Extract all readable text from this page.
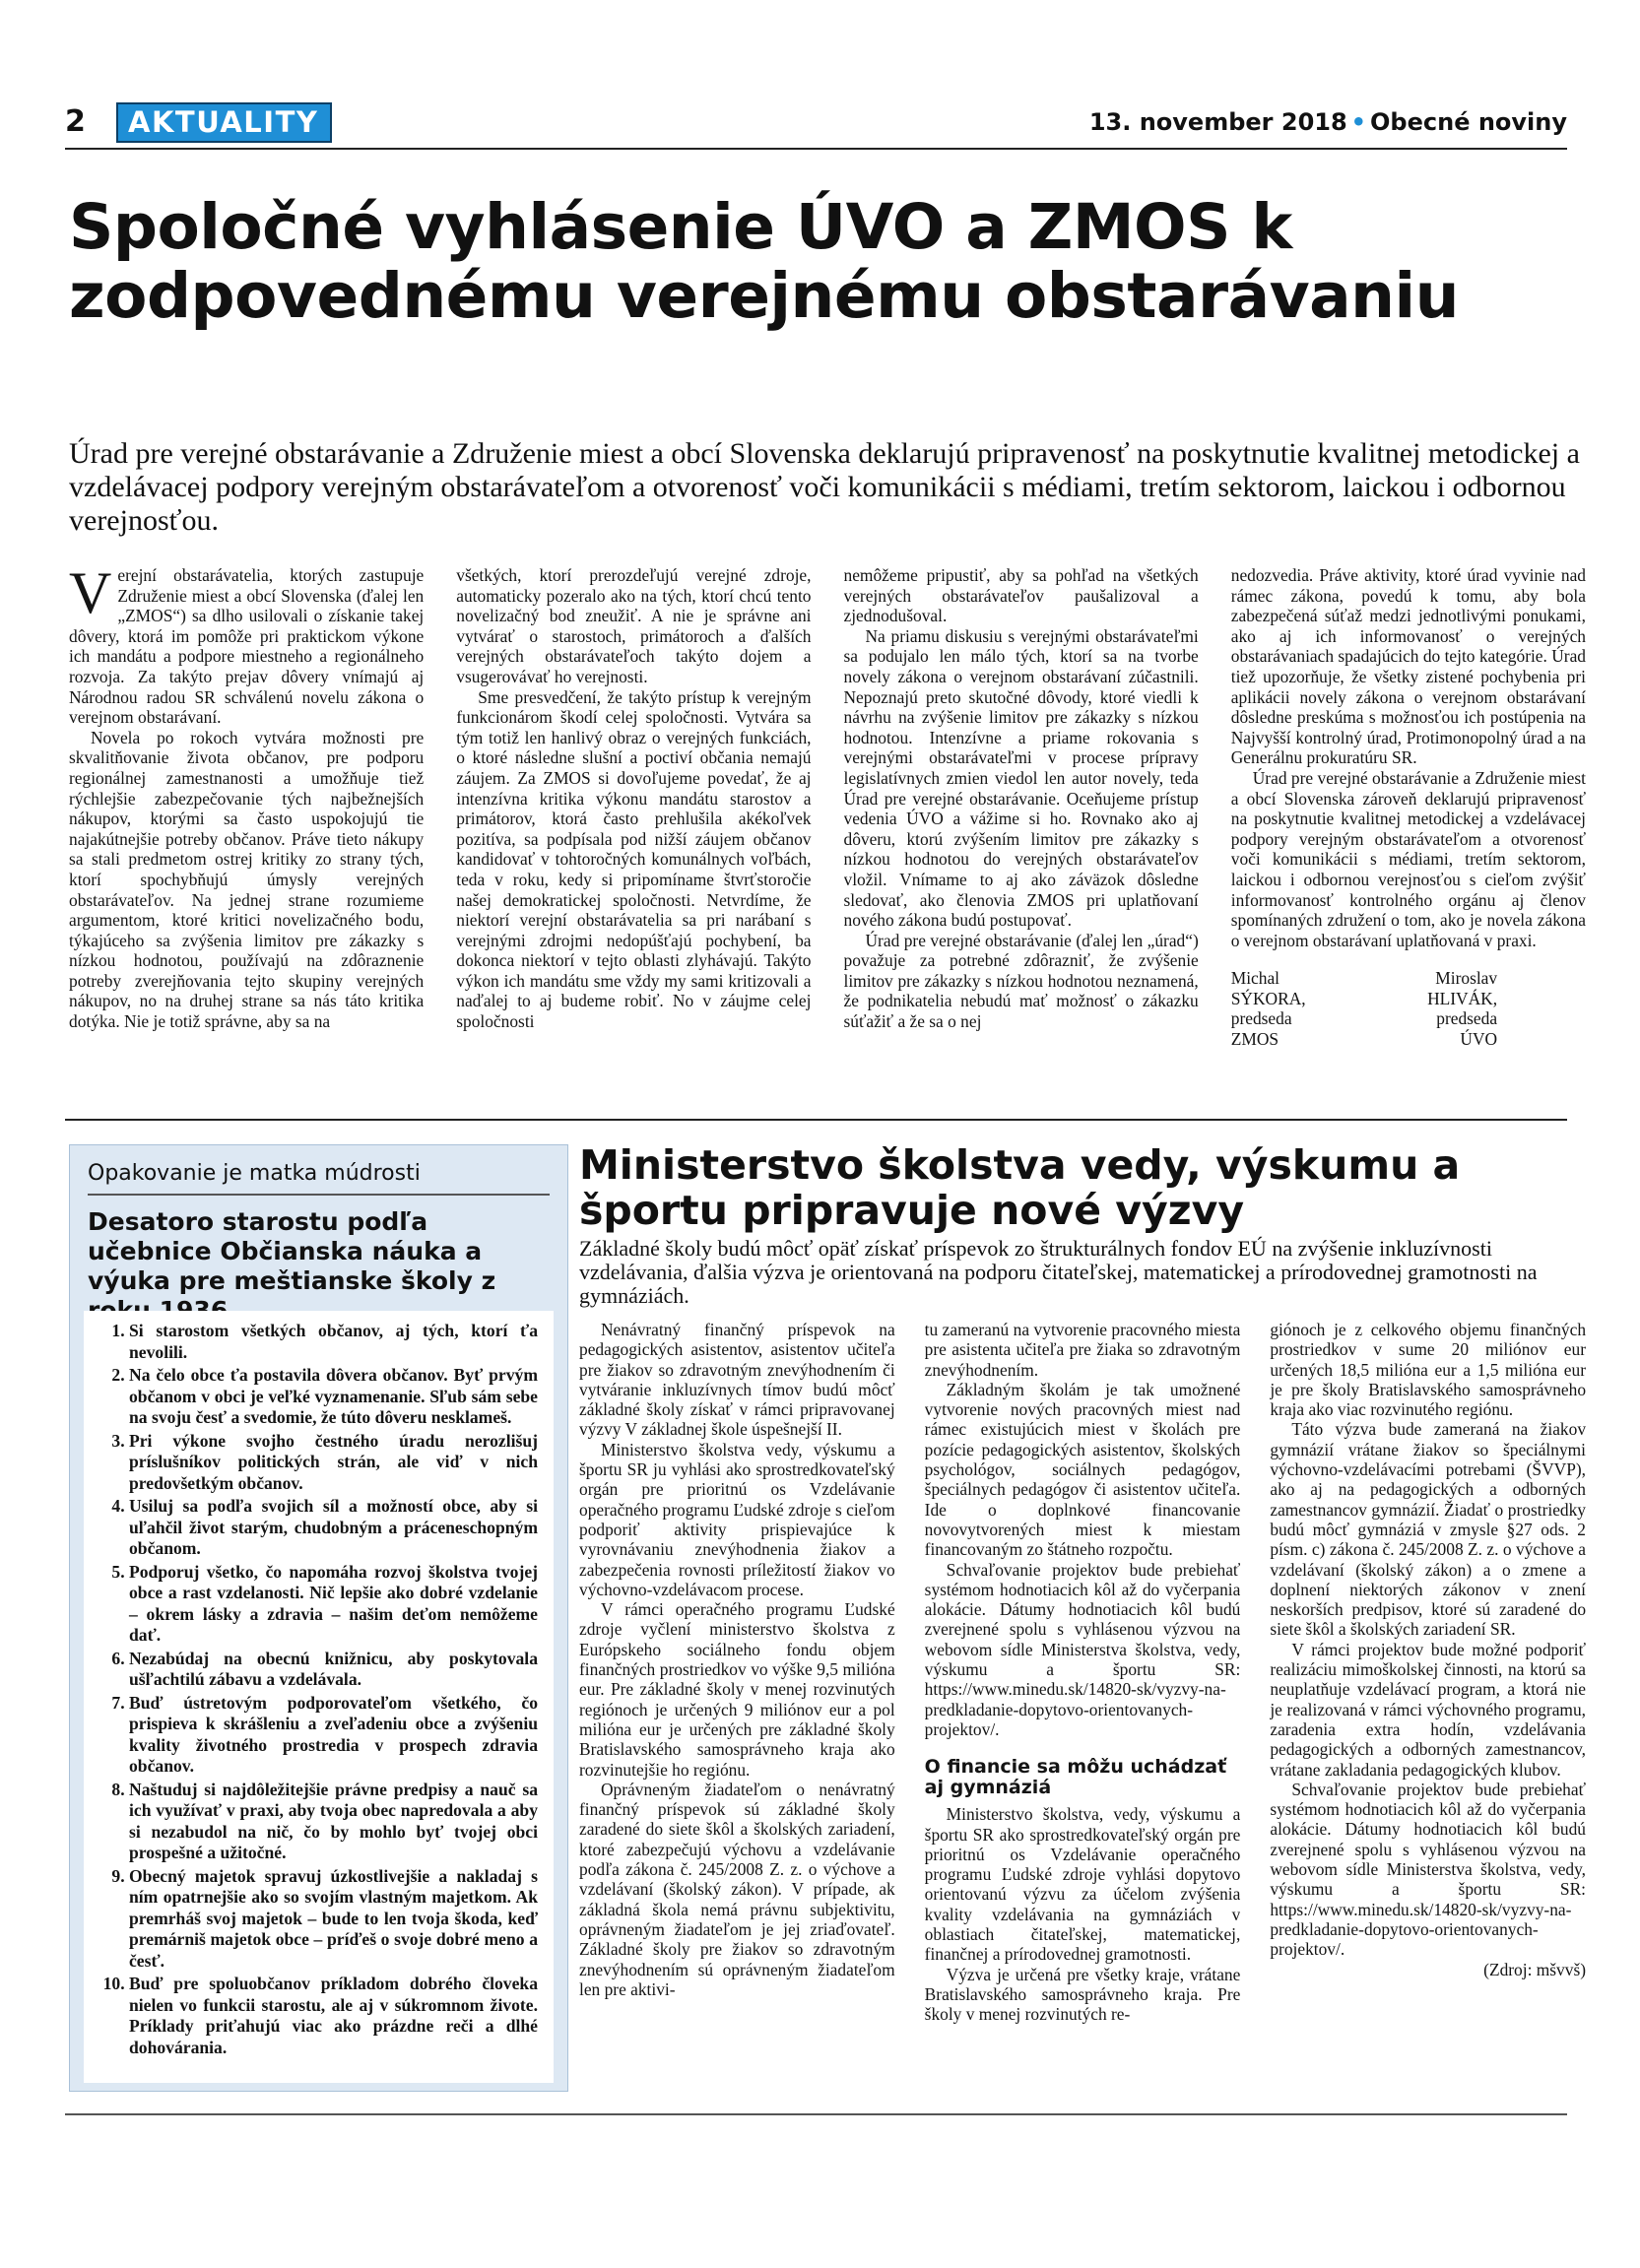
2	AKTUALITY	13. november 2018 • Obecné noviny
Spoločné vyhlásenie ÚVO a ZMOS k zodpovednému verejnému obstarávaniu

Úrad pre verejné obstarávanie a Združenie miest a obcí Slovenska deklarujú pripravenosť na poskytnutie kvalitnej metodickej a vzdelávacej podpory verejným obstarávateľom a otvorenosť voči komunikácii s médiami, tretím sektorom, laickou i odbornou verejnosťou.

Verejní obstarávatelia, ktorých zastupuje Združenie miest a obcí Slovenska (ďalej len „ZMOS“) sa dlho usilovali o získanie takej dôvery, ktorá im pomôže pri praktickom výkone ich mandátu a podpore miestneho a regionálneho rozvoja. Za takýto prejav dôvery vnímajú aj Národnou radou SR schválenú novelu zákona o verejnom obstarávaní.

Novela po rokoch vytvára možnosti pre skvalitňovanie života občanov, pre podporu regionálnej zamestnanosti a umožňuje tiež rýchlejšie zabezpečovanie tých najbežnejších nákupov, ktorými sa často uspokojujú tie najakútnejšie potreby občanov. Práve tieto nákupy sa stali predmetom ostrej kritiky zo strany tých, ktorí spochybňujú úmysly verejných obstarávateľov. Na jednej strane rozumieme argumentom, ktoré kritici novelizačného bodu, týkajúceho sa zvýšenia limitov pre zákazky s nízkou hodnotou, používajú na zdôraznenie potreby zverejňovania tejto skupiny verejných nákupov, no na druhej strane sa nás táto kritika dotýka. Nie je totiž správne, aby sa na

všetkých, ktorí prerozdeľujú verejné zdroje, automaticky pozeralo ako na tých, ktorí chcú tento novelizačný bod zneužiť. A nie je správne ani vytvárať o starostoch, primátoroch a ďalších verejných obstarávateľoch takýto dojem a vsugerovávať ho verejnosti.

Sme presvedčení, že takýto prístup k verejným funkcionárom škodí celej spoločnosti. Vytvára sa tým totiž len hanlivý obraz o verejných funkciách, o ktoré následne slušní a poctiví občania nemajú záujem. Za ZMOS si dovoľujeme povedať, že aj intenzívna kritika výkonu mandátu starostov a primátorov, ktorá často prehlušila akékoľvek pozitíva, sa podpísala pod nižší záujem občanov kandidovať v tohtoročných komunálnych voľbách, teda v roku, kedy si pripomíname štvrťstoročie našej demokratickej spoločnosti. Netvrdíme, že niektorí verejní obstarávatelia sa pri narábaní s verejnými zdrojmi nedopúšťajú pochybení, ba dokonca niektorí v tejto oblasti zlyhávajú. Takýto výkon ich mandátu sme vždy my sami kritizovali a naďalej to aj budeme robiť. No v záujme celej spoločnosti

nemôžeme pripustiť, aby sa pohľad na všetkých verejných obstarávateľov paušalizoval a zjednodušoval.

Na priamu diskusiu s verejnými obstarávateľmi sa podujalo len málo tých, ktorí sa na tvorbe novely zákona o verejnom obstarávaní zúčastnili. Nepoznajú preto skutočné dôvody, ktoré viedli k návrhu na zvýšenie limitov pre zákazky s nízkou hodnotou. Intenzívne a priame rokovania s verejnými obstarávateľmi v procese prípravy legislatívnych zmien viedol len autor novely, teda Úrad pre verejné obstarávanie. Oceňujeme prístup vedenia ÚVO a vážime si ho. Rovnako ako aj dôveru, ktorú zvýšením limitov pre zákazky s nízkou hodnotou do verejných obstarávateľov vložil. Vnímame to aj ako záväzok dôsledne sledovať, ako členovia ZMOS pri uplatňovaní nového zákona budú postupovať.

Úrad pre verejné obstarávanie (ďalej len „úrad“) považuje za potrebné zdôrazniť, že zvýšenie limitov pre zákazky s nízkou hodnotou neznamená, že podnikatelia nebudú mať možnosť o zákazku súťažiť a že sa o nej

nedozvedia. Práve aktivity, ktoré úrad vyvinie nad rámec zákona, povedú k tomu, aby bola zabezpečená súťaž medzi jednotlivými ponukami, ako aj ich informovanosť o verejných obstarávaniach spadajúcich do tejto kategórie. Úrad tiež upozorňuje, že všetky zistené pochybenia pri aplikácii novely zákona o verejnom obstarávaní dôsledne preskúma s možnosťou ich postúpenia na Najvyšší kontrolný úrad, Protimonopolný úrad a na Generálnu prokuratúru SR.

Úrad pre verejné obstarávanie a Združenie miest a obcí Slovenska zároveň deklarujú pripravenosť na poskytnutie kvalitnej metodickej a vzdelávacej podpory verejným obstarávateľom a otvorenosť voči komunikácii s médiami, tretím sektorom, laickou i odbornou verejnosťou s cieľom zvýšiť informovanosť kontrolného orgánu aj členov spomínaných združení o tom, ako je novela zákona o verejnom obstarávaní uplatňovaná v praxi.

Michal SÝKORA,
predseda ZMOS
Miroslav HLIVÁK,
predseda ÚVO
Opakovanie je matka múdrosti
Desatoro starostu podľa učebnice Občianska náuka a výuka pre meštianske školy z
1. Si starostom všetkých občanov, aj tých, ktorí ťa nevolili.
2. Na čelo obce ťa postavila dôvera občanov. Byť prvým občanom v obci je veľké vyznamenanie. Sľub sám sebe na svoju česť a svedomie, že túto dôveru nesklameš.
3. Pri výkone svojho čestného úradu nerozlišuj príslušníkov politických strán, ale viď v nich predovšetkým občanov.
4. Usiluj sa podľa svojich síl a možností obce, aby si uľahčil život starým, chudobným a práceneschopným občanom.
5. Podporuj všetko, čo napomáha rozvoj školstva tvojej obce a rast vzdelanosti. Nič lepšie ako dobré vzdelanie – okrem lásky a zdravia – našim deťom nemôžeme dať.
6. Nezabúdaj na obecnú knižnicu, aby poskytovala ušľachtilú zábavu a vzdelávala.
7. Buď ústretovým podporovateľom všetkého, čo prispieva k skrášleniu a zveľadeniu obce a zvýšeniu kvality životného prostredia v prospech zdravia občanov.
8. Naštuduj si najdôležitejšie právne predpisy a nauč sa ich využívať v praxi, aby tvoja obec napredovala a aby si nezabudol na nič, čo by mohlo byť tvojej obci prospešné a užitočné.
9. Obecný majetok spravuj úzkostlivejšie a nakladaj s ním opatrnejšie ako so svojím vlastným majetkom. Ak premrháš svoj majetok – bude to len tvoja škoda, keď premárniš majetok obce – príďeš o svoje dobré meno a česť.
10. Buď pre spoluobčanov príkladom dobrého človeka nielen vo funkcii starostu, ale aj v súkromnom živote. Príklady priťahujú viac ako prázdne reči a dlhé dohovárania.
Ministerstvo školstva vedy, výskumu a športu pripravuje nové výzvy

Základné školy budú môcť opäť získať príspevok zo štrukturálnych fondov EÚ na zvýšenie inkluzívnosti vzdelávania, ďalšia výzva je orientovaná na podporu čitateľskej, matematickej a prírodovednej gramotnosti na gymnáziách.

Nenávratný finančný príspevok na pedagogických asistentov, asistentov učiteľa pre žiakov so zdravotným znevýhodnením či vytváranie inkluzívnych tímov budú môcť základné školy získať v rámci pripravovanej výzvy V základnej škole úspešnejší II.

Ministerstvo školstva vedy, výskumu a športu SR ju vyhlási ako sprostredkovateľský orgán pre prioritnú os Vzdelávanie operačného programu Ľudské zdroje s cieľom podporiť aktivity prispievajúce k vyrovnávaniu znevýhodnenia žiakov a zabezpečenia rovnosti príležitostí žiakov vo výchovno-vzdelávacom procese.

V rámci operačného programu Ľudské zdroje vyčlení ministerstvo školstva z Európskeho sociálneho fondu objem finančných prostriedkov vo výške 9,5 milióna eur. Pre základné školy v menej rozvinutých regiónoch je určených 9 miliónov eur a pol milióna eur je určených pre základné školy Bratislavského samosprávneho kraja ako rozvinutejšie ho regiónu.

Oprávneným žiadateľom o nenávratný finančný príspevok sú základné školy zaradené do siete škôl a školských zariadení, ktoré zabezpečujú výchovu a vzdelávanie podľa zákona č. 245/2008 Z. z. o výchove a vzdelávaní (školský zákon). V prípade, ak základná škola nemá právnu subjektivitu, oprávneným žiadateľom je jej zriaďovateľ. Základné školy pre žiakov so zdravotným znevýhodnením sú oprávneným žiadateľom len pre aktivi-

tu zameranú na vytvorenie pracovného miesta pre asistenta učiteľa pre žiaka so zdravotným znevýhodnením.

Základným školám je tak umožnené vytvorenie nových pracovných miest nad rámec existujúcich miest v školách pre pozície pedagogických asistentov, školských psychológov, sociálnych pedagógov, špeciálnych pedagógov či asistentov učiteľa. Ide o doplnkové financovanie novovytvorených miest k miestam financovaným zo štátneho rozpočtu.

Schvaľovanie projektov bude prebiehať systémom hodnotiacich kôl až do vyčerpania alokácie. Dátumy hodnotiacich kôl budú zverejnené spolu s vyhlásenou výzvou na webovom sídle Ministerstva školstva, vedy, výskumu a športu SR: https://www.minedu.sk/14820-sk/vyzvy-na-predkladanie-dopytovo-orientovanych-projektov/.

O financie sa môžu uchádzať aj gymnáziá

Ministerstvo školstva, vedy, výskumu a športu SR ako sprostredkovateľský orgán pre prioritnú os Vzdelávanie operačného programu Ľudské zdroje vyhlási dopytovo orientovanú výzvu za účelom zvýšenia kvality vzdelávania na gymnáziách v oblastiach čitateľskej, matematickej, finančnej a prírodovednej gramotnosti.

Výzva je určená pre všetky kraje, vrátane Bratislavského samosprávneho kraja. Pre školy v menej rozvinutých re-

giónoch je z celkového objemu finančných prostriedkov v sume 20 miliónov eur určených 18,5 milióna eur a 1,5 milióna eur je pre školy Bratislavského samosprávneho kraja ako viac rozvinutého regiónu.

Táto výzva bude zameraná na žiakov gymnázií vrátane žiakov so špeciálnymi výchovno-vzdelávacími potrebami (ŠVVP), ako aj na pedagogických a odborných zamestnancov gymnázií. Žiadať o prostriedky budú môcť gymnáziá v zmysle §27 ods. 2 písm. c) zákona č. 245/2008 Z. z. o výchove a vzdelávaní (školský zákon) a o zmene a doplnení niektorých zákonov v znení neskorších predpisov, ktoré sú zaradené do siete škôl a školských zariadení SR.

V rámci projektov bude možné podporiť realizáciu mimoškolskej činnosti, na ktorú sa neuplatňuje vzdelávací program, a ktorá nie je realizovaná v rámci výchovného programu, zaradenia extra hodín, vzdelávania pedagogických a odborných zamestnancov, vrátane zakladania pedagogických klubov.

Schvaľovanie projektov bude prebiehať systémom hodnotiacich kôl až do vyčerpania alokácie. Dátumy hodnotiacich kôl budú zverejnené spolu s vyhlásenou výzvou na webovom sídle Ministerstva školstva, vedy, výskumu a športu SR: https://www.minedu.sk/14820-sk/vyzvy-na-predkladanie-dopytovo-orientovanych-projektov/.

(Zdroj: mšvvš)
